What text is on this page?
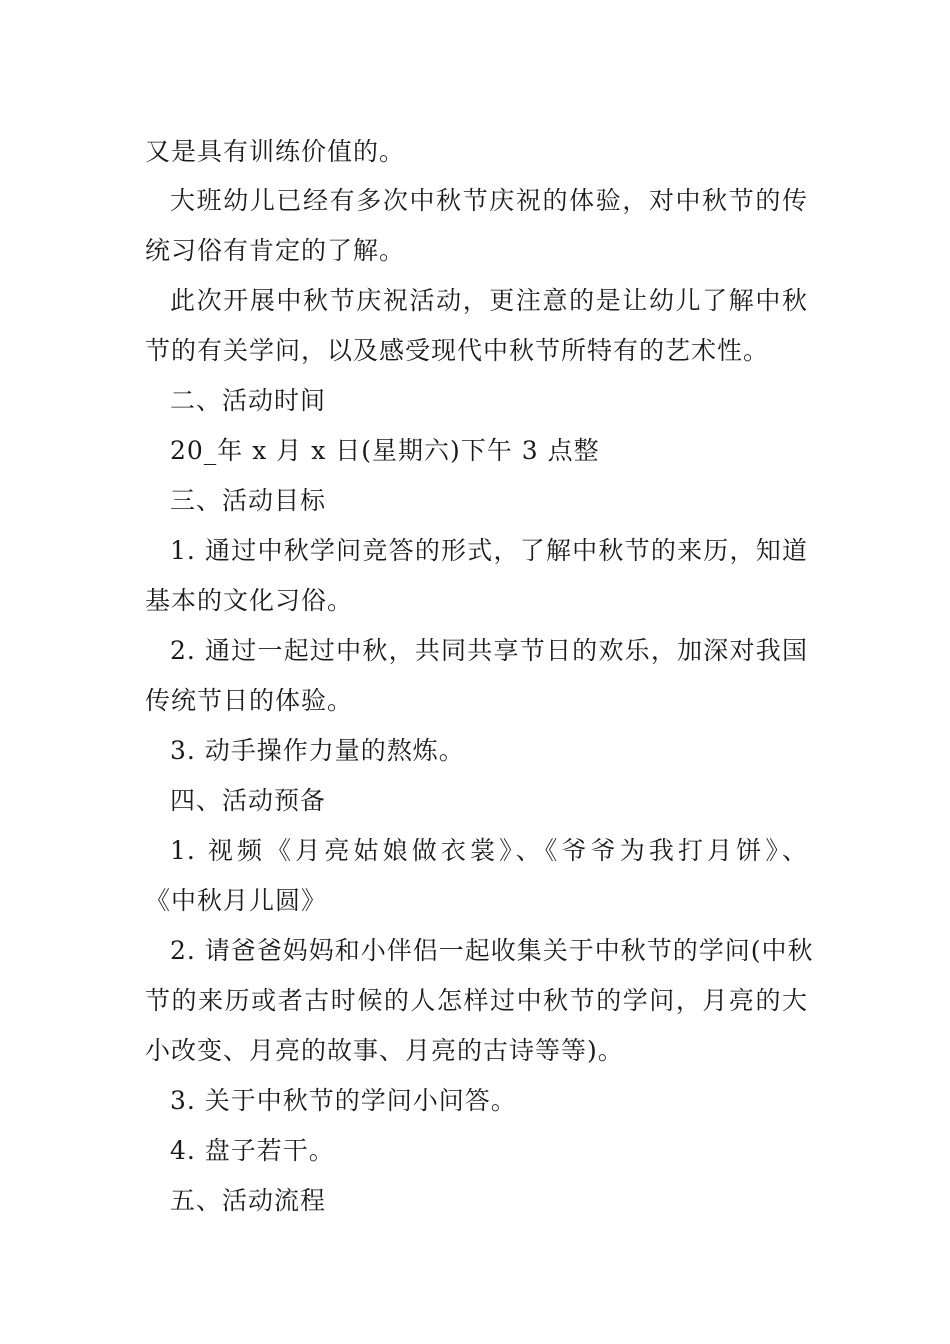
又是具有训练价值的。
大班幼儿已经有多次中秋节庆祝的体验，对中秋节的传
统习俗有肯定的了解。
此次开展中秋节庆祝活动，更注意的是让幼儿了解中秋
节的有关学问，以及感受现代中秋节所特有的艺术性。
二、活动时间
20_年 x 月 x 日(星期六)下午 3 点整
三、活动目标
1. 通过中秋学问竞答的形式，了解中秋节的来历，知道
基本的文化习俗。
2. 通过一起过中秋，共同共享节日的欢乐，加深对我国
传统节日的体验。
3. 动手操作力量的熬炼。
四、活动预备
1. 视频《月亮姑娘做衣裳》、《爷爷为我打月饼》、
《中秋月儿圆》
2. 请爸爸妈妈和小伴侣一起收集关于中秋节的学问(中秋
节的来历或者古时候的人怎样过中秋节的学问，月亮的大
小改变、月亮的故事、月亮的古诗等等)。
3. 关于中秋节的学问小问答。
4. 盘子若干。
五、活动流程
